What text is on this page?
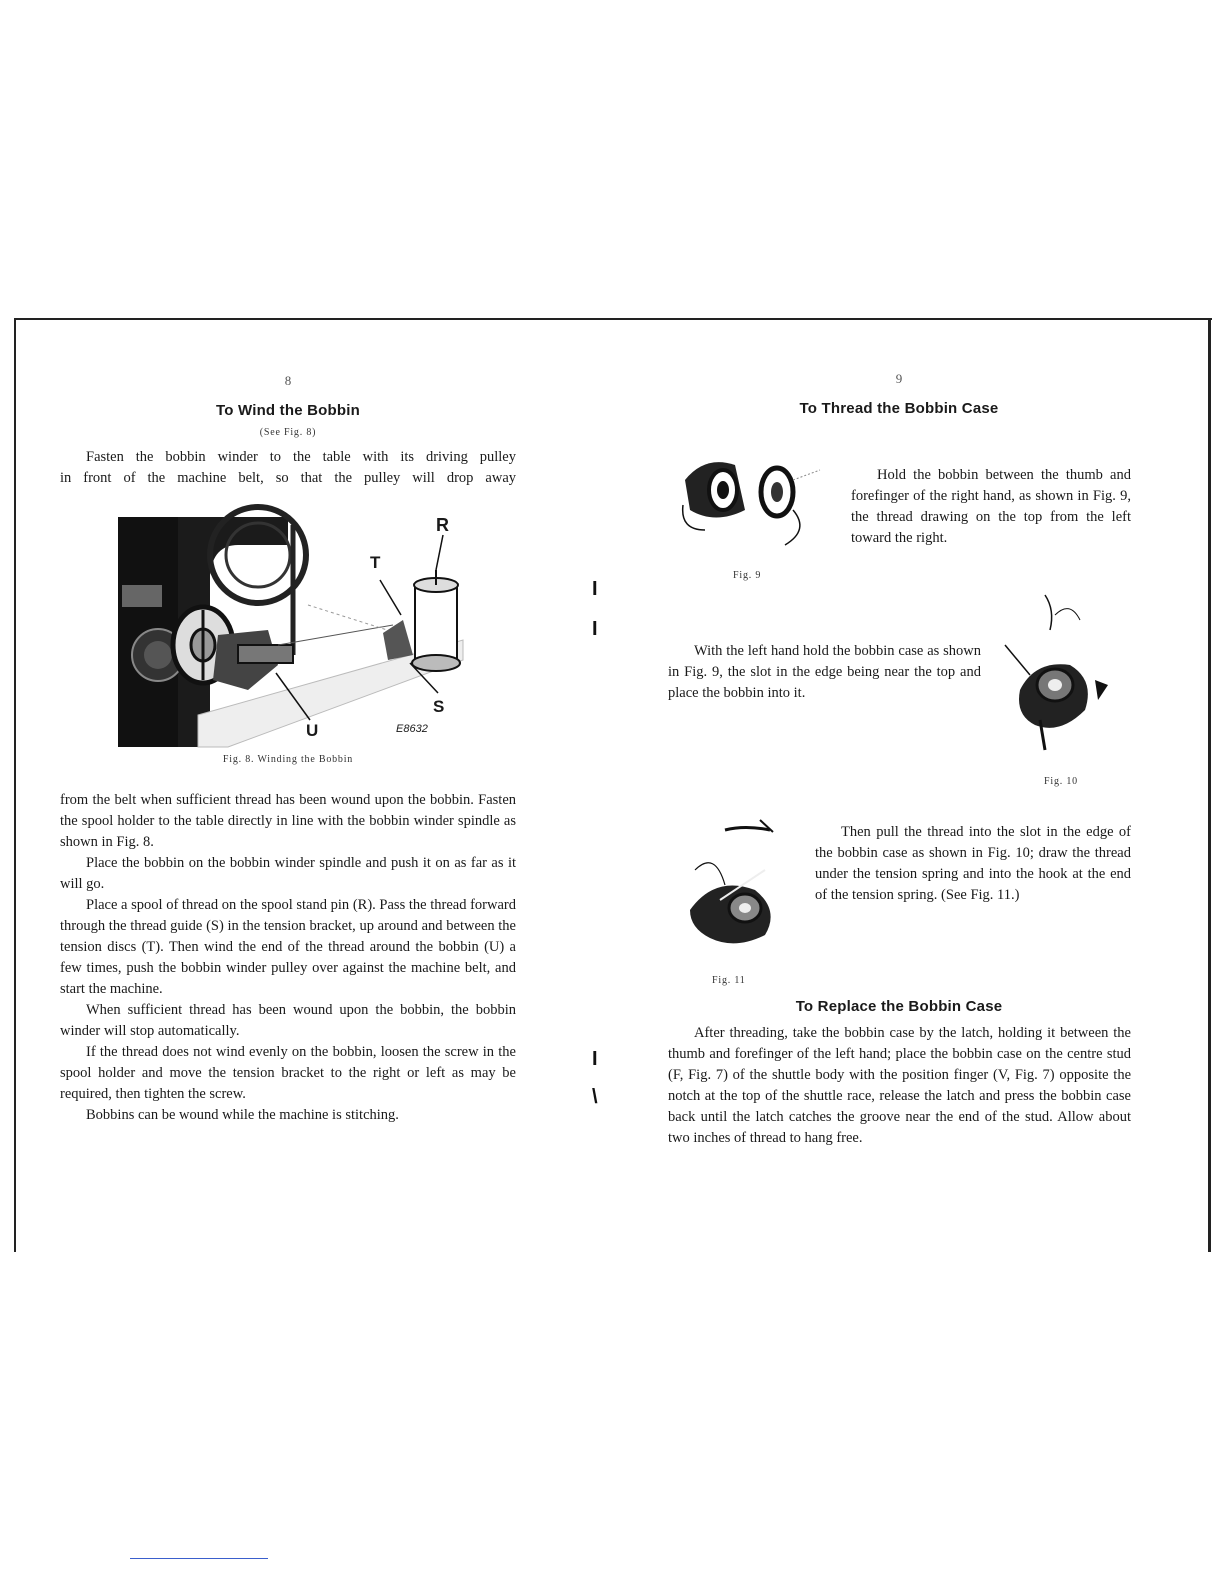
8
To Wind the Bobbin
(See Fig. 8)

Fasten the bobbin winder to the table with its driving pulley

in front of the machine belt, so that the pulley will drop away

R
T
S
U	E8632
Fig. 8. Winding the Bobbin

from the belt when sufficient thread has been wound upon the bobbin. Fasten the spool holder to the table directly in line with the bobbin winder spindle as shown in Fig. 8.

Place the bobbin on the bobbin winder spindle and push it on as far as it will go.

Place a spool of thread on the spool stand pin (R). Pass the thread forward through the thread guide (S) in the tension bracket, up around and between the tension discs (T). Then wind the end of the thread around the bobbin (U) a few times, push the bobbin winder pulley over against the machine belt, and start the machine.

When sufficient thread has been wound upon the bobbin, the bobbin winder will stop automatically.

If the thread does not wind evenly on the bobbin, loosen the screw in the spool holder and move the tension bracket to the right or left as may be required, then tighten the screw.

Bobbins can be wound while the machine is stitching.

I
I
I
\
9
To Thread the Bobbin Case
Fig. 9

Hold the bobbin between the thumb and forefinger of the right hand, as shown in Fig. 9, the thread drawing on the top from the left toward the right.

With the left hand hold the bobbin case as shown in Fig. 9, the slot in the edge being near the top and place the bobbin into it.

Fig. 10
Fig. 11

Then pull the thread into the slot in the edge of the bobbin case as shown in Fig. 10; draw the thread under the tension spring and into the hook at the end of the tension spring. (See Fig. 11.)

To Replace the Bobbin Case

After threading, take the bobbin case by the latch, holding it between the thumb and forefinger of the left hand; place the bobbin case on the centre stud (F, Fig. 7) of the shuttle body with the position finger (V, Fig. 7) opposite the notch at the top of the shuttle race, release the latch and press the bobbin case back until the latch catches the groove near the end of the stud. Allow about two inches of thread to hang free.
